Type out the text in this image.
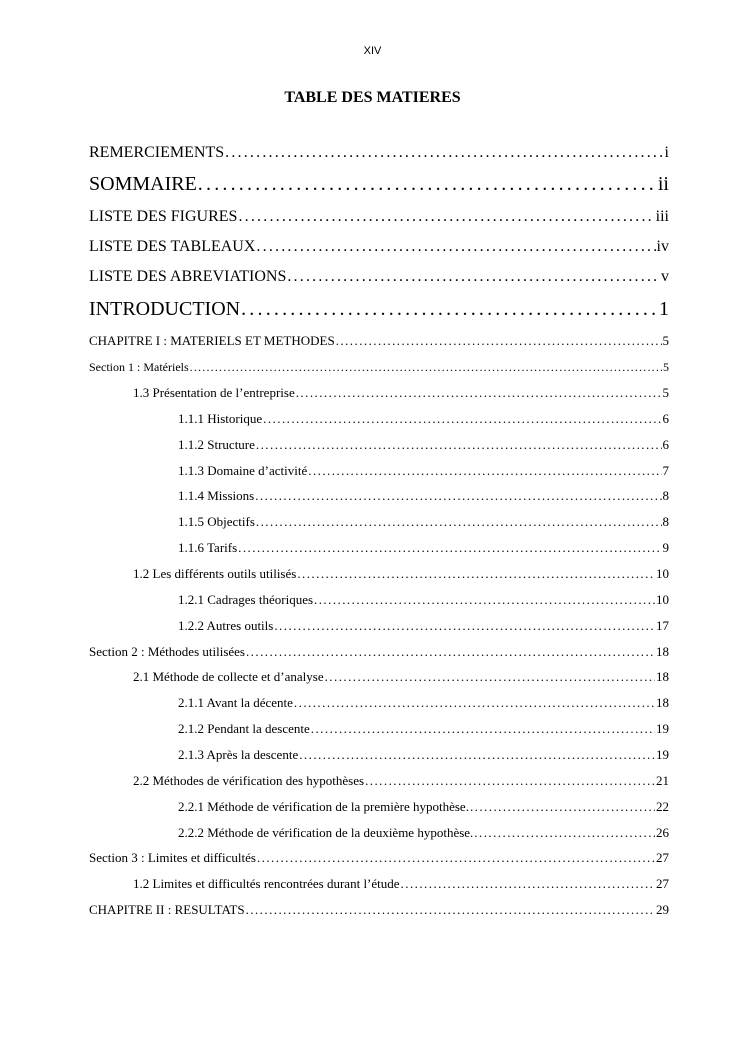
XIV
TABLE DES MATIERES
REMERCIEMENTS . . .	i
SOMMAIRE . . .	ii
LISTE DES FIGURES . . .	iii
LISTE DES TABLEAUX . . .	iv
LISTE DES ABREVIATIONS . . .	v
INTRODUCTION . . .	1
CHAPITRE I : MATERIELS ET METHODES . . .	5
Section 1 : Matériels . . .	5
1.3 Présentation de l’entreprise . . .	5
1.1.1 Historique . . .	6
1.1.2 Structure . . .	6
1.1.3 Domaine d’activité . . .	7
1.1.4 Missions . . .	8
1.1.5 Objectifs . . .	8
1.1.6 Tarifs . . .	9
1.2 Les différents outils utilisés . . .	10
1.2.1 Cadrages théoriques . . .	10
1.2.2 Autres outils . . .	17
Section 2 : Méthodes utilisées . . .	18
2.1 Méthode de collecte et d’analyse . . .	18
2.1.1 Avant la décente . . .	18
2.1.2 Pendant la descente . . .	19
2.1.3 Après la descente . . .	19
2.2 Méthodes de vérification des hypothèses . . .	21
2.2.1 Méthode de vérification de la première hypothèse. . . .	22
2.2.2 Méthode de vérification de la deuxième hypothèse. . . .	26
Section 3 : Limites et difficultés . . .	27
1.2 Limites et difficultés rencontrées durant l’étude . . .	27
CHAPITRE II : RESULTATS . . .	29
